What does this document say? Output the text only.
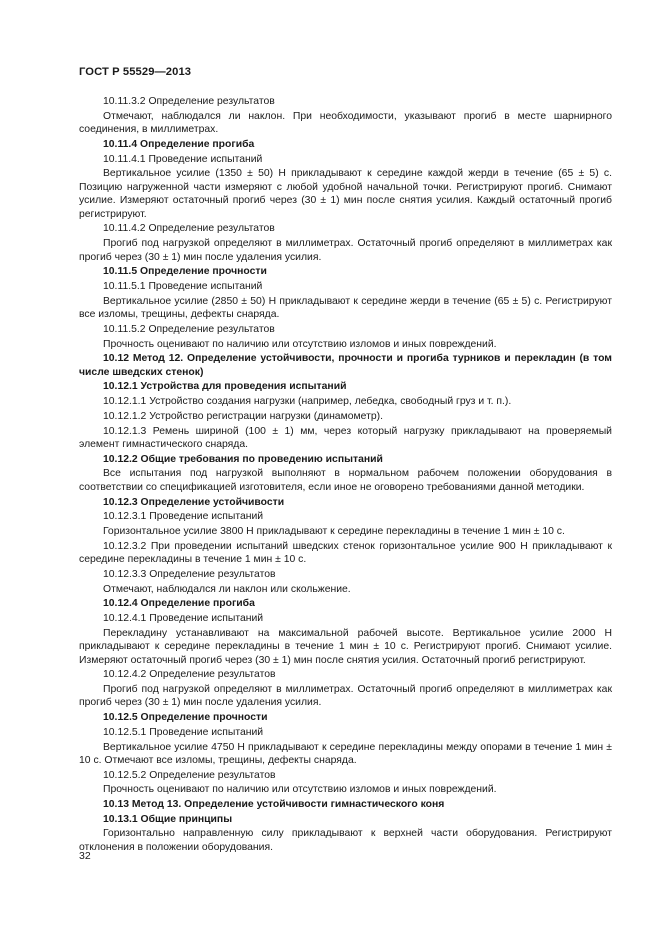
ГОСТ Р 55529—2013
10.11.3.2 Определение результатов
Отмечают, наблюдался ли наклон. При необходимости, указывают прогиб в месте шарнирного соединения, в миллиметрах.
10.11.4 Определение прогиба
10.11.4.1 Проведение испытаний
Вертикальное усилие (1350 ± 50) Н прикладывают к середине каждой жерди в течение (65 ± 5) с. Позицию нагруженной части измеряют с любой удобной начальной точки. Регистрируют прогиб. Снимают усилие. Измеряют остаточный прогиб через (30 ± 1) мин после снятия усилия. Каждый остаточный прогиб регистрируют.
10.11.4.2 Определение результатов
Прогиб под нагрузкой определяют в миллиметрах. Остаточный прогиб определяют в миллиметрах как прогиб через (30 ± 1) мин после удаления усилия.
10.11.5 Определение прочности
10.11.5.1 Проведение испытаний
Вертикальное усилие (2850 ± 50) Н прикладывают к середине жерди в течение (65 ± 5) с. Регистрируют все изломы, трещины, дефекты снаряда.
10.11.5.2 Определение результатов
Прочность оценивают по наличию или отсутствию изломов и иных повреждений.
10.12 Метод 12. Определение устойчивости, прочности и прогиба турников и перекладин (в том числе шведских стенок)
10.12.1 Устройства для проведения испытаний
10.12.1.1 Устройство создания нагрузки (например, лебедка, свободный груз и т. п.).
10.12.1.2 Устройство регистрации нагрузки (динамометр).
10.12.1.3 Ремень шириной (100 ± 1) мм, через который нагрузку прикладывают на проверяемый элемент гимнастического снаряда.
10.12.2 Общие требования по проведению испытаний
Все испытания под нагрузкой выполняют в нормальном рабочем положении оборудования в соответствии со спецификацией изготовителя, если иное не оговорено требованиями данной методики.
10.12.3 Определение устойчивости
10.12.3.1 Проведение испытаний
Горизонтальное усилие 3800 Н прикладывают к середине перекладины в течение 1 мин ± 10 с.
10.12.3.2 При проведении испытаний шведских стенок горизонтальное усилие 900 Н прикладывают к середине перекладины в течение 1 мин ± 10 с.
10.12.3.3 Определение результатов
Отмечают, наблюдался ли наклон или скольжение.
10.12.4 Определение прогиба
10.12.4.1 Проведение испытаний
Перекладину устанавливают на максимальной рабочей высоте. Вертикальное усилие 2000 Н прикладывают к середине перекладины в течение 1 мин ± 10 с. Регистрируют прогиб. Снимают усилие. Измеряют остаточный прогиб через (30 ± 1) мин после снятия усилия. Остаточный прогиб регистрируют.
10.12.4.2 Определение результатов
Прогиб под нагрузкой определяют в миллиметрах. Остаточный прогиб определяют в миллиметрах как прогиб через (30 ± 1) мин после удаления усилия.
10.12.5 Определение прочности
10.12.5.1 Проведение испытаний
Вертикальное усилие 4750 Н прикладывают к середине перекладины между опорами в течение 1 мин ± 10 с. Отмечают все изломы, трещины, дефекты снаряда.
10.12.5.2 Определение результатов
Прочность оценивают по наличию или отсутствию изломов и иных повреждений.
10.13 Метод 13. Определение устойчивости гимнастического коня
10.13.1 Общие принципы
Горизонтально направленную силу прикладывают к верхней части оборудования. Регистрируют отклонения в положении оборудования.
32
